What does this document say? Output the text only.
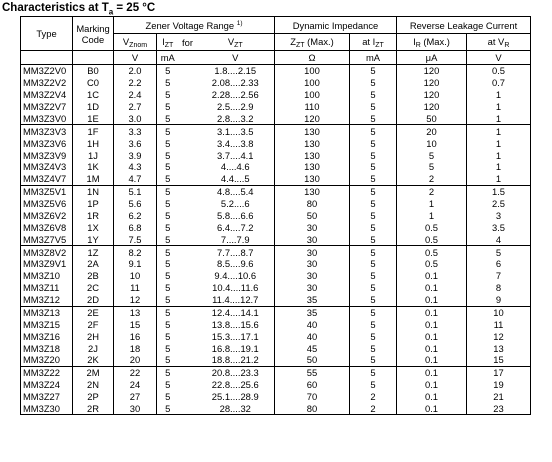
Characteristics at $T_a = 25$ °C
Type	Marking
Code	Zener Voltage Range $^{1)}$				Dynamic Impedance		Reverse Leakage Current	
		$V_{Znom}$	$I_{ZT}$	for	$V_{ZT}$	$Z_{ZT}$ (Max.)	at $I_{ZT}$	$I_R$ (Max.)	at $V_R$
		V	mA		V	Ω	mA	μA	V
MM3Z2V0	B0	2.0	5		1.8....2.15	100	5	120	0.5
MM3Z2V2	C0	2.2	5		2.08....2.33	100	5	120	0.7
MM3Z2V4	1C	2.4	5		2.28....2.56	100	5	120	1
MM3Z2V7	1D	2.7	5		2.5....2.9	110	5	120	1
MM3Z3V0	1E	3.0	5		2.8....3.2	120	5	50	1
MM3Z3V3	1F	3.3	5		3.1....3.5	130	5	20	1
MM3Z3V6	1H	3.6	5		3.4....3.8	130	5	10	1
MM3Z3V9	1J	3.9	5		3.7....4.1	130	5	5	1
MM3Z4V3	1K	4.3	5		4....4.6	130	5	5	1
MM3Z4V7	1M	4.7	5		4.4....5	130	5	2	1
MM3Z5V1	1N	5.1	5		4.8....5.4	130	5	2	1.5
MM3Z5V6	1P	5.6	5		5.2....6	80	5	1	2.5
MM3Z6V2	1R	6.2	5		5.8....6.6	50	5	1	3
MM3Z6V8	1X	6.8	5		6.4....7.2	30	5	0.5	3.5
MM3Z7V5	1Y	7.5	5		7....7.9	30	5	0.5	4
MM3Z8V2	1Z	8.2	5		7.7....8.7	30	5	0.5	5
MM3Z9V1	2A	9.1	5		8.5....9.6	30	5	0.5	6
MM3Z10	2B	10	5		9.4....10.6	30	5	0.1	7
MM3Z11	2C	11	5		10.4....11.6	30	5	0.1	8
MM3Z12	2D	12	5		11.4....12.7	35	5	0.1	9
MM3Z13	2E	13	5		12.4....14.1	35	5	0.1	10
MM3Z15	2F	15	5		13.8....15.6	40	5	0.1	11
MM3Z16	2H	16	5		15.3....17.1	40	5	0.1	12
MM3Z18	2J	18	5		16.8....19.1	45	5	0.1	13
MM3Z20	2K	20	5		18.8....21.2	50	5	0.1	15
MM3Z22	2M	22	5		20.8....23.3	55	5	0.1	17
MM3Z24	2N	24	5		22.8....25.6	60	5	0.1	19
MM3Z27	2P	27	5		25.1....28.9	70	2	0.1	21
MM3Z30	2R	30	5		28....32	80	2	0.1	23
